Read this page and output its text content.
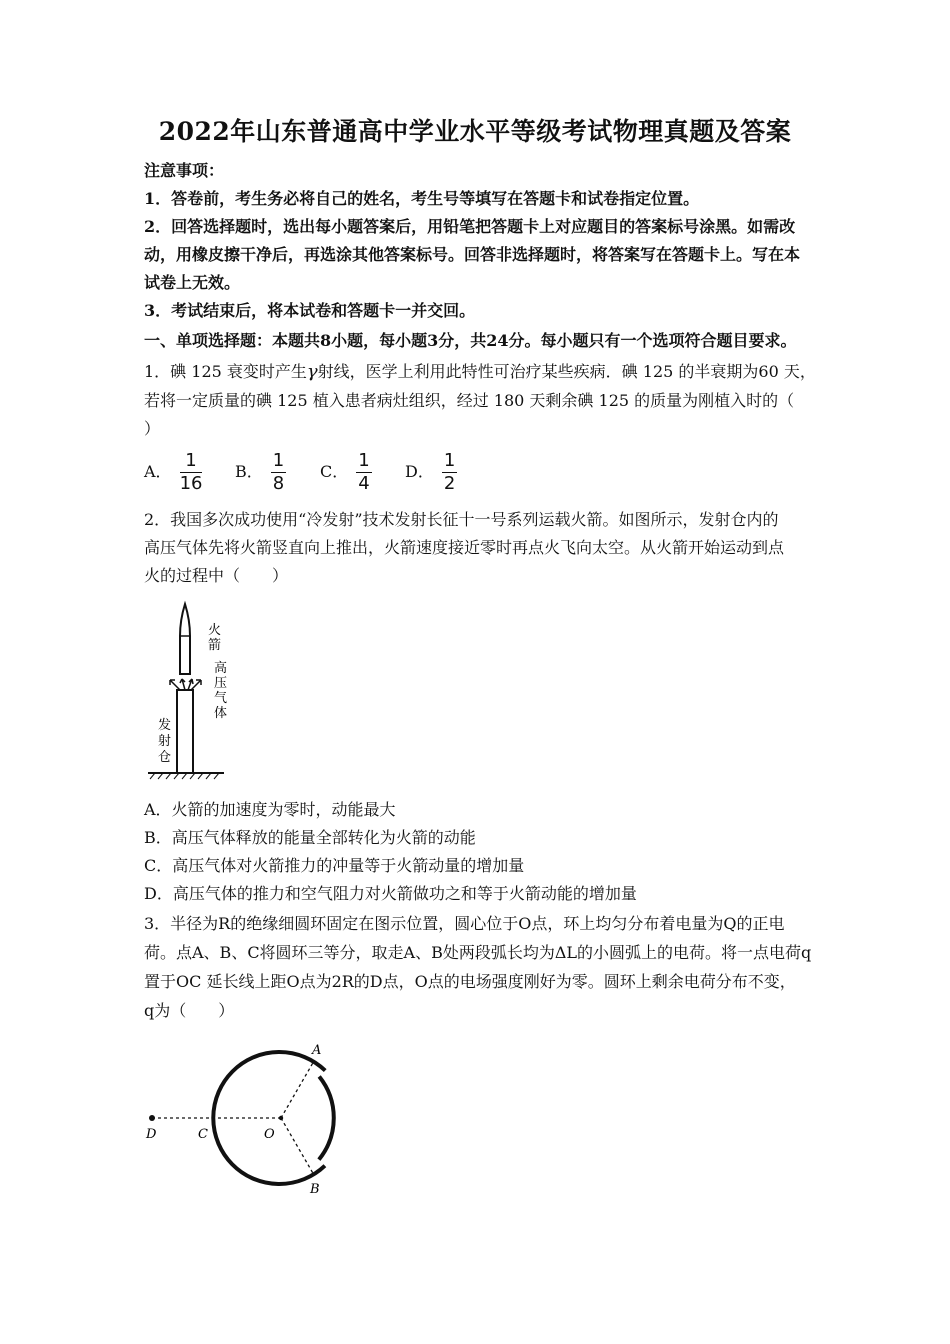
2022年山东普通高中学业水平等级考试物理真题及答案
注意事项：
1．答卷前，考生务必将自己的姓名，考生号等填写在答题卡和试卷指定位置。
2．回答选择题时，选出每小题答案后，用铅笔把答题卡上对应题目的答案标号涂黑。如需改
动，用橡皮擦干净后，再选涂其他答案标号。回答非选择题时，将答案写在答题卡上。写在本
试卷上无效。
3．考试结束后，将本试卷和答题卡一并交回。
一、单项选择题：本题共8小题，每小题3分，共24分。每小题只有一个选项符合题目要求。
1．碘 125 衰变时产生γ射线，医学上利用此特性可治疗某些疾病．碘 125 的半衰期为60 天，
若将一定质量的碘 125 植入患者病灶组织，经过 180 天剩余碘 125 的质量为刚植入时的（
）
A． $\frac{1}{16}$ B． $\frac{1}{8}$ C． $\frac{1}{4}$ D． $\frac{1}{2}$
2．我国多次成功使用“冷发射”技术发射长征十一号系列运载火箭。如图所示，发射仓内的
高压气体先将火箭竖直向上推出，火箭速度接近零时再点火飞向太空。从火箭开始运动到点
火的过程中（　　）
火 箭
高 压 气 体
发 射 仓
A．火箭的加速度为零时，动能最大
B．高压气体释放的能量全部转化为火箭的动能
C．高压气体对火箭推力的冲量等于火箭动量的增加量
D．高压气体的推力和空气阻力对火箭做功之和等于火箭动能的增加量
3．半径为R的绝缘细圆环固定在图示位置，圆心位于O点，环上均匀分布着电量为Q的正电
荷。点A、B、C将圆环三等分，取走A、B处两段弧长均为ΔL的小圆弧上的电荷。将一点电荷q
置于OC 延长线上距O点为2R的D点，O点的电场强度刚好为零。圆环上剩余电荷分布不变，
q为（　　）
A
B
C
D	O
